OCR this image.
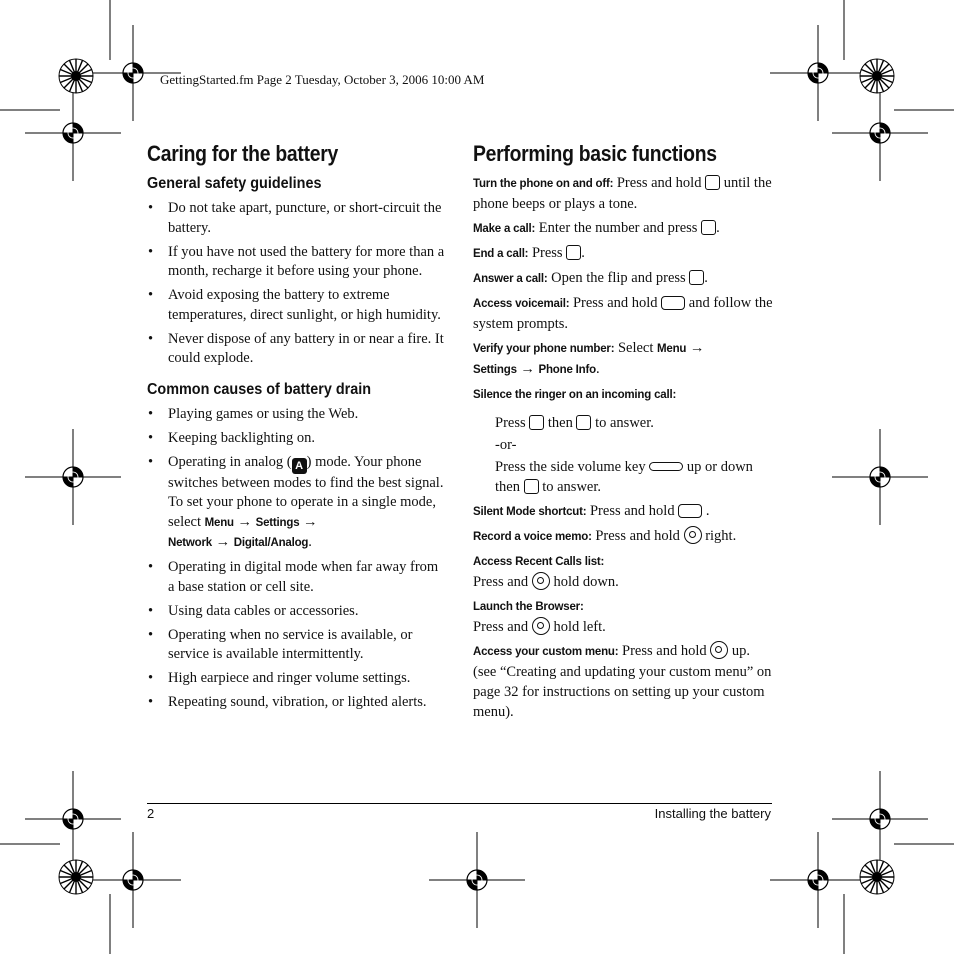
GettingStarted.fm Page 2 Tuesday, October 3, 2006 10:00 AM
Caring for the battery
General safety guidelines
• Do not take apart, puncture, or short-circuit the battery.
• If you have not used the battery for more than a month, recharge it before using your phone.
• Avoid exposing the battery to extreme temperatures, direct sunlight, or high humidity.
• Never dispose of any battery in or near a fire. It could explode.
Common causes of battery drain
• Playing games or using the Web.
• Keeping backlighting on.
• Operating in analog ( A ) mode. Your phone switches between modes to find the best signal. To set your phone to operate in a single mode, select Menu → Settings →
Network → Digital/Analog.
• Operating in digital mode when far away from a base station or cell site.
• Using data cables or accessories.
• Operating when no service is available, or service is available intermittently.
• High earpiece and ringer volume settings.
• Repeating sound, vibration, or lighted alerts.
Performing basic functions
Turn the phone on and off: Press and hold  until the phone beeps or plays a tone.
Make a call: Enter the number and press .
End a call: Press .
Answer a call: Open the flip and press .
Access voicemail: Press and hold  and follow the system prompts.
Verify your phone number: Select Menu →
Settings → Phone Info.
Silence the ringer on an incoming call:
Press  then  to answer.
-or-
Press the side volume key  up or down then  to answer.
Silent Mode shortcut: Press and hold  .
Record a voice memo: Press and hold  right.
Access Recent Calls list:
Press and  hold down.
Launch the Browser:
Press and  hold left.
Access your custom menu: Press and hold  up.
(see “Creating and updating your custom menu” on page 32 for instructions on setting up your custom menu).
2	Installing the battery
